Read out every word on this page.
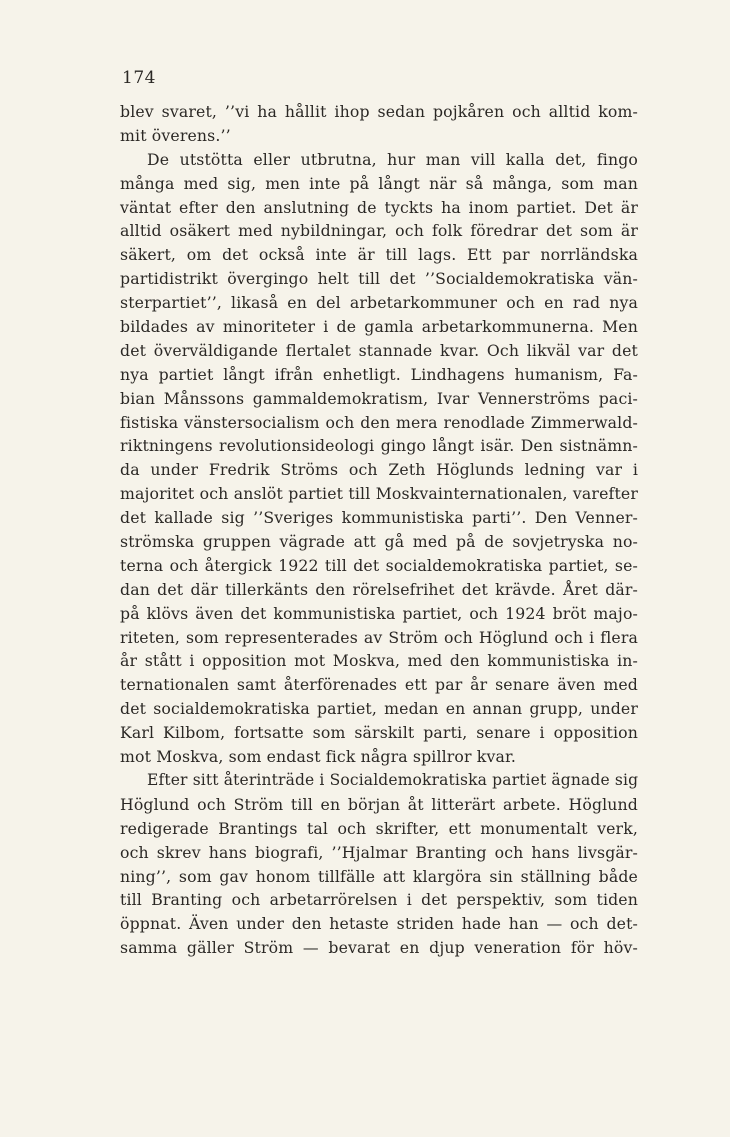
174
blev svaret, ’’vi ha hållit ihop sedan pojkåren och alltid kom-
mit överens.’’
De utstötta eller utbrutna, hur man vill kalla det, fingo
många med sig, men inte på långt när så många, som man
väntat efter den anslutning de tyckts ha inom partiet. Det är
alltid osäkert med nybildningar, och folk föredrar det som är
säkert, om det också inte är till lags. Ett par norrländska
partidistrikt övergingo helt till det ’’Socialdemokratiska vän-
sterpartiet’’, likaså en del arbetarkommuner och en rad nya
bildades av minoriteter i de gamla arbetarkommunerna. Men
det överväldigande flertalet stannade kvar. Och likväl var det
nya partiet långt ifrån enhetligt. Lindhagens humanism, Fa-
bian Månssons gammaldemokratism, Ivar Vennerströms paci-
fistiska vänstersocialism och den mera renodlade Zimmerwald-
riktningens revolutionsideologi gingo långt isär. Den sistnämn-
da under Fredrik Ströms och Zeth Höglunds ledning var i
majoritet och anslöt partiet till Moskvainternationalen, varefter
det kallade sig ’’Sveriges kommunistiska parti’’. Den Venner-
strömska gruppen vägrade att gå med på de sovjetryska no-
terna och återgick 1922 till det socialdemokratiska partiet, se-
dan det där tillerkänts den rörelsefrihet det krävde. Året där-
på klövs även det kommunistiska partiet, och 1924 bröt majo-
riteten, som representerades av Ström och Höglund och i flera
år stått i opposition mot Moskva, med den kommunistiska in-
ternationalen samt återförenades ett par år senare även med
det socialdemokratiska partiet, medan en annan grupp, under
Karl Kilbom, fortsatte som särskilt parti, senare i opposition
mot Moskva, som endast fick några spillror kvar.
Efter sitt återinträde i Socialdemokratiska partiet ägnade sig
Höglund och Ström till en början åt litterärt arbete. Höglund
redigerade Brantings tal och skrifter, ett monumentalt verk,
och skrev hans biografi, ’’Hjalmar Branting och hans livsgär-
ning’’, som gav honom tillfälle att klargöra sin ställning både
till Branting och arbetarrörelsen i det perspektiv, som tiden
öppnat. Även under den hetaste striden hade han — och det-
samma gäller Ström — bevarat en djup veneration för höv-
